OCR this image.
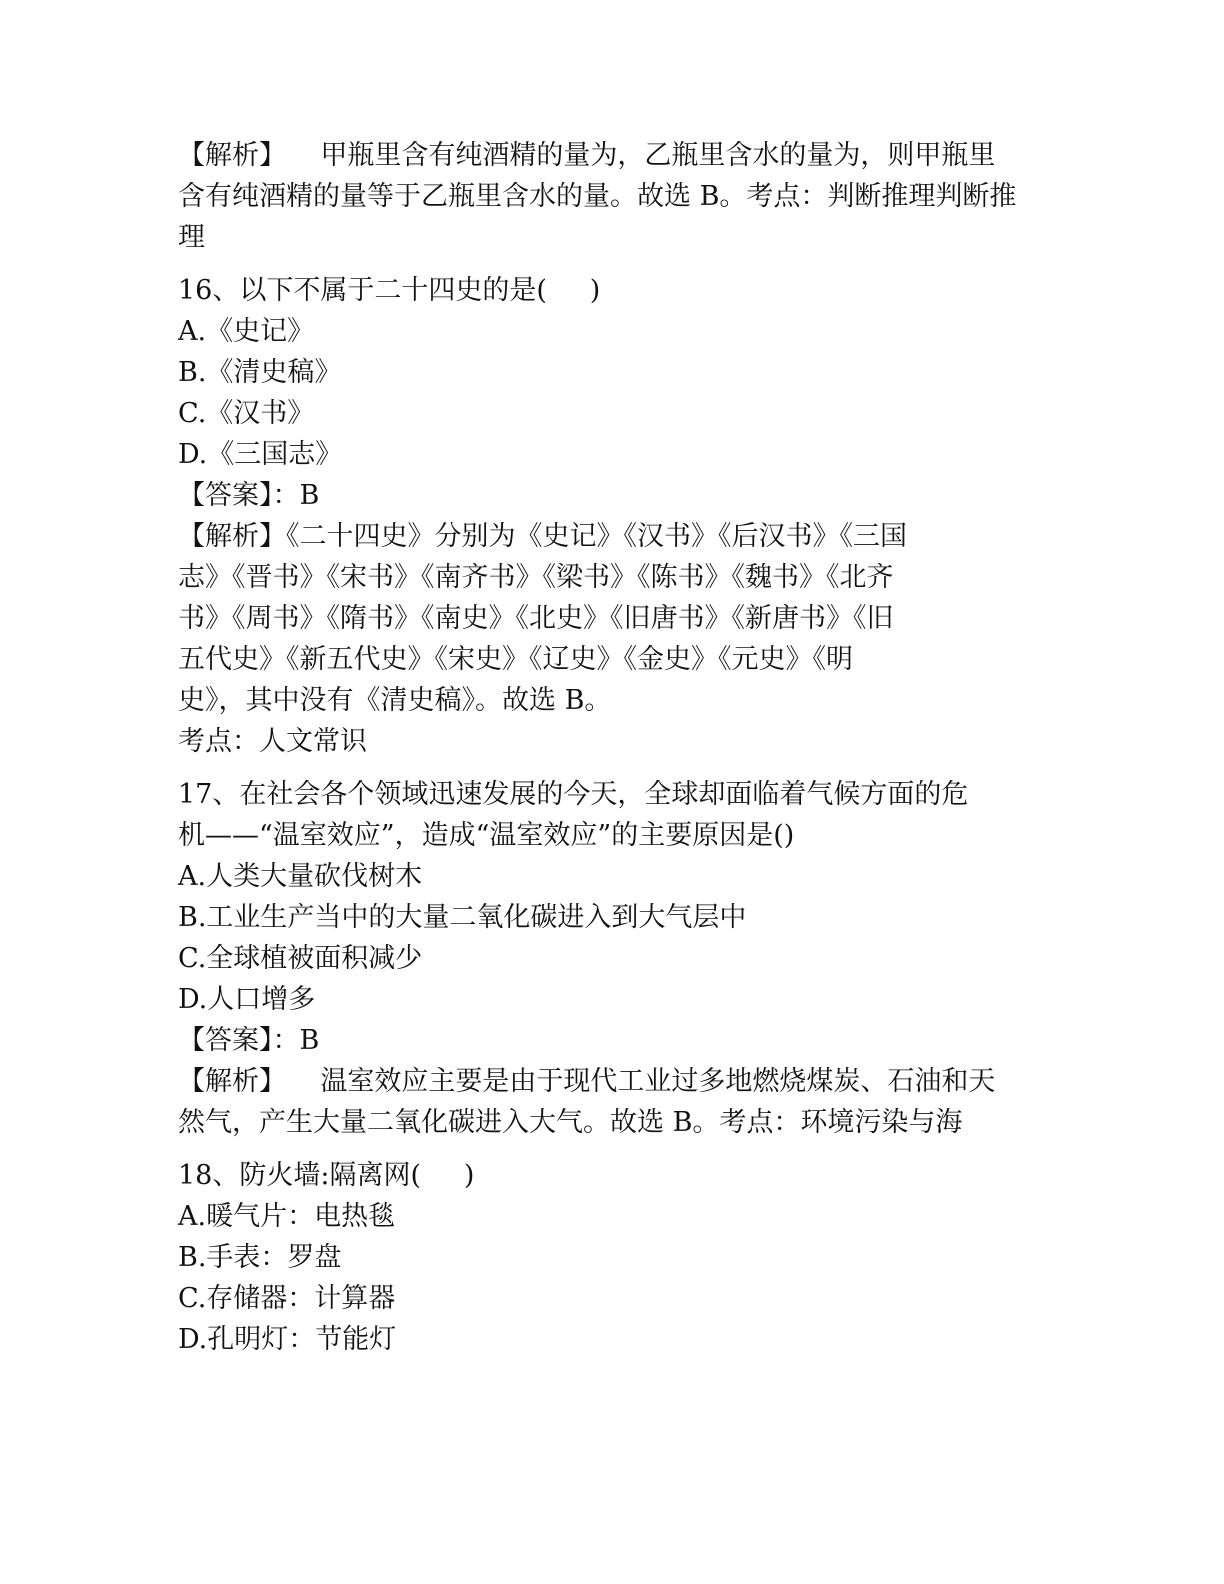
【解析】    甲瓶里含有纯酒精的量为，乙瓶里含水的量为，则甲瓶里

含有纯酒精的量等于乙瓶里含水的量。故选 B。考点：判断推理判断推

理

16、以下不属于二十四史的是(     )

A.《史记》

B.《清史稿》

C.《汉书》

D.《三国志》

【答案】：B

【解析】《二十四史》分别为《史记》《汉书》《后汉书》《三国

志》《晋书》《宋书》《南齐书》《梁书》《陈书》《魏书》《北齐

书》《周书》《隋书》《南史》《北史》《旧唐书》《新唐书》《旧

五代史》《新五代史》《宋史》《辽史》《金史》《元史》《明

史》，其中没有《清史稿》。故选 B。

考点：人文常识

17、在社会各个领域迅速发展的今天，全球却面临着气候方面的危

机——“温室效应”，造成“温室效应”的主要原因是()

A.人类大量砍伐树木

B.工业生产当中的大量二氧化碳进入到大气层中

C.全球植被面积减少

D.人口增多

【答案】：B

【解析】    温室效应主要是由于现代工业过多地燃烧煤炭、石油和天

然气，产生大量二氧化碳进入大气。故选 B。考点：环境污染与海

18、防火墙:隔离网(     )

A.暖气片：电热毯

B.手表：罗盘

C.存储器：计算器

D.孔明灯：节能灯
